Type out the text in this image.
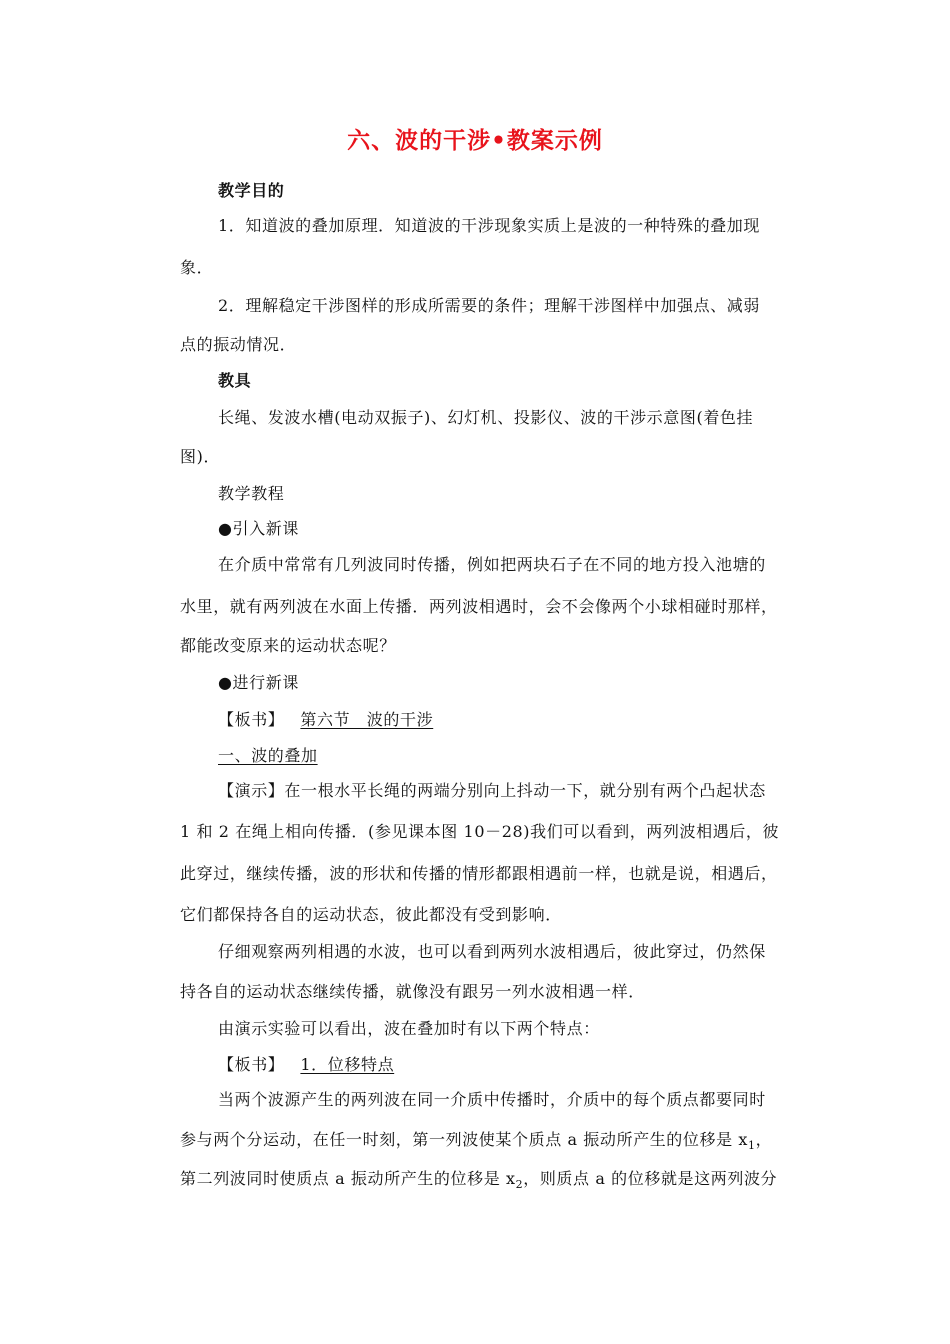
六、波的干涉•教案示例
教学目的
1．知道波的叠加原理．知道波的干涉现象实质上是波的一种特殊的叠加现
象．
2．理解稳定干涉图样的形成所需要的条件；理解干涉图样中加强点、减弱
点的振动情况．
教具
长绳、发波水槽(电动双振子)、幻灯机、投影仪、波的干涉示意图(着色挂
图)．
教学教程
●引入新课
在介质中常常有几列波同时传播，例如把两块石子在不同的地方投入池塘的
水里，就有两列波在水面上传播．两列波相遇时，会不会像两个小球相碰时那样，
都能改变原来的运动状态呢？
●进行新课
【板书】 第六节　波的干涉
一、波的叠加
【演示】在一根水平长绳的两端分别向上抖动一下，就分别有两个凸起状态
1 和 2 在绳上相向传播．(参见课本图 10－28)我们可以看到，两列波相遇后，彼
此穿过，继续传播，波的形状和传播的情形都跟相遇前一样，也就是说，相遇后，
它们都保持各自的运动状态，彼此都没有受到影响．
仔细观察两列相遇的水波，也可以看到两列水波相遇后，彼此穿过，仍然保
持各自的运动状态继续传播，就像没有跟另一列水波相遇一样．
由演示实验可以看出，波在叠加时有以下两个特点：
【板书】 1．位移特点
当两个波源产生的两列波在同一介质中传播时，介质中的每个质点都要同时
参与两个分运动，在任一时刻，第一列波使某个质点 a 振动所产生的位移是 $x_1$，
第二列波同时使质点 a 振动所产生的位移是 $x_2$，则质点 a 的位移就是这两列波分
